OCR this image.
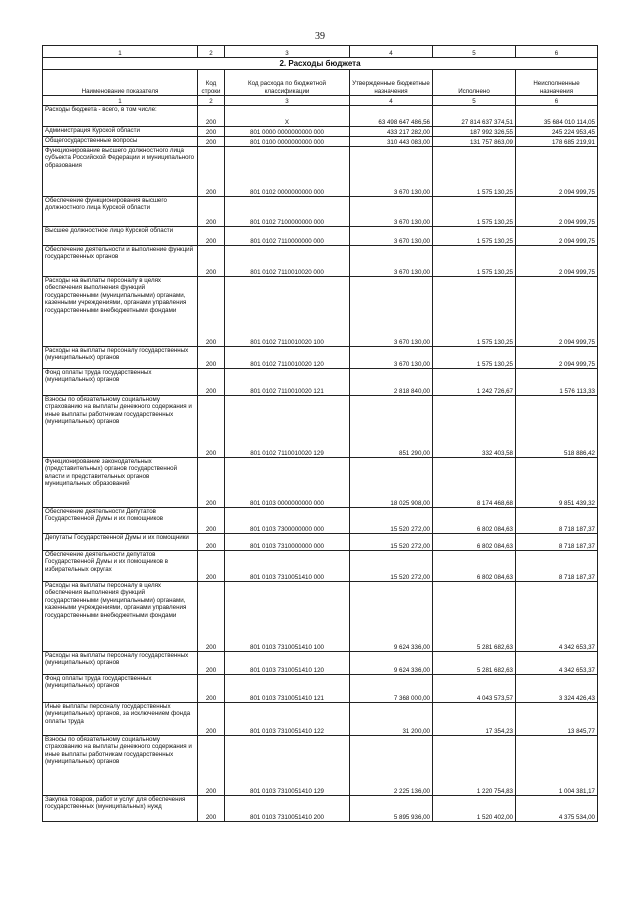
39
1	2	3	4	5	6
2. Расходы бюджета					
Наименование показателя	Код строки	Код расхода по бюджетной классификации	Утвержденные бюджетные назначения	Исполнено	Неисполненные назначения
1	2	3	4	5	6
Расходы бюджета - всего, в том числе:	200	X	63 498 647 486,56	27 814 637 374,51	35 684 010 114,05
Администрация Курской области	200	801 0000 0000000000 000	433 217 282,00	187 992 326,55	245 224 953,45
Общегосударственные вопросы	200	801 0100 0000000000 000	310 443 083,00	131 757 863,09	178 685 219,91
Функционирование высшего должностного лица субъекта Российской Федерации и муниципального образования	200	801 0102 0000000000 000	3 670 130,00	1 575 130,25	2 094 999,75
Обеспечение функционирования высшего должностного лица Курской области	200	801 0102 7100000000 000	3 670 130,00	1 575 130,25	2 094 999,75
Высшее должностное лицо Курской области	200	801 0102 7110000000 000	3 670 130,00	1 575 130,25	2 094 999,75
Обеспечение деятельности и выполнение функций государственных органов	200	801 0102 7110010020 000	3 670 130,00	1 575 130,25	2 094 999,75
Расходы на выплаты персоналу в целях обеспечения выполнения функций государственными (муниципальными) органами, казенными учреждениями, органами управления государственными внебюджетными фондами	200	801 0102 7110010020 100	3 670 130,00	1 575 130,25	2 094 999,75
Расходы на выплаты персоналу государственных (муниципальных) органов	200	801 0102 7110010020 120	3 670 130,00	1 575 130,25	2 094 999,75
Фонд оплаты труда государственных (муниципальных) органов	200	801 0102 7110010020 121	2 818 840,00	1 242 726,67	1 576 113,33
Взносы по обязательному социальному страхованию на выплаты денежного содержания и иные выплаты работникам государственных (муниципальных) органов	200	801 0102 7110010020 129	851 290,00	332 403,58	518 886,42
Функционирование законодательных (представительных) органов государственной власти и представительных органов муниципальных образований	200	801 0103 0000000000 000	18 025 908,00	8 174 468,68	9 851 439,32
Обеспечение деятельности Депутатов Государственной Думы и их помощников	200	801 0103 7300000000 000	15 520 272,00	6 802 084,63	8 718 187,37
Депутаты Государственной Думы и их помощники	200	801 0103 7310000000 000	15 520 272,00	6 802 084,63	8 718 187,37
Обеспечение деятельности депутатов Государственной Думы и их помощников в избирательных округах	200	801 0103 7310051410 000	15 520 272,00	6 802 084,63	8 718 187,37
Расходы на выплаты персоналу в целях обеспечения выполнения функций государственными (муниципальными) органами, казенными учреждениями, органами управления государственными внебюджетными фондами	200	801 0103 7310051410 100	9 624 336,00	5 281 682,63	4 342 653,37
Расходы на выплаты персоналу государственных (муниципальных) органов	200	801 0103 7310051410 120	9 624 336,00	5 281 682,63	4 342 653,37
Фонд оплаты труда государственных (муниципальных) органов	200	801 0103 7310051410 121	7 368 000,00	4 043 573,57	3 324 426,43
Иные выплаты персоналу государственных (муниципальных) органов, за исключением фонда оплаты труда	200	801 0103 7310051410 122	31 200,00	17 354,23	13 845,77
Взносы по обязательному социальному страхованию на выплаты денежного содержания и иные выплаты работникам государственных (муниципальных) органов	200	801 0103 7310051410 129	2 225 136,00	1 220 754,83	1 004 381,17
Закупка товаров, работ и услуг для обеспечения государственных (муниципальных) нужд	200	801 0103 7310051410 200	5 895 936,00	1 520 402,00	4 375 534,00
